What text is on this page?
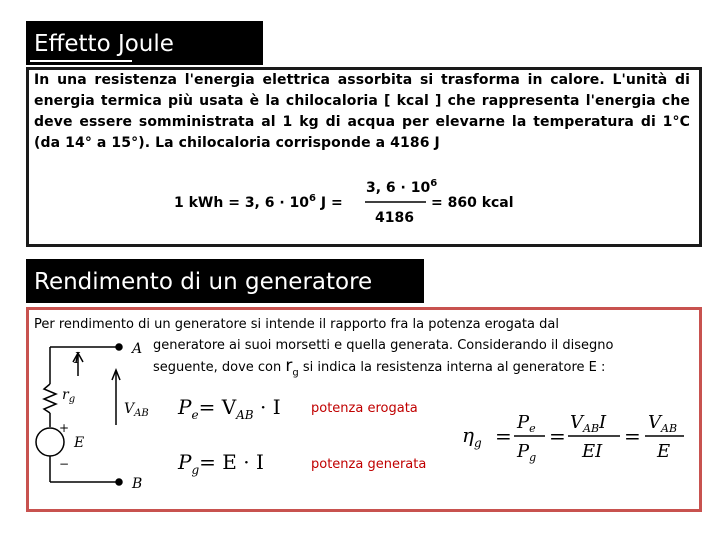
Effetto Joule
In una resistenza l'energia elettrica assorbita si trasforma in calore. L'unità di energia termica più usata è la chilocaloria [ kcal ] che rappresenta l'energia che deve essere somministrata al 1 kg di acqua per elevarne la temperatura di 1°C (da 14° a 15°). La chilocaloria corrisponde a 4186 J
1 kWh = 3, $6 \cdot 10^6$ J =
3, $6 \cdot 10^6$
4186
= 860 kcal
Rendimento di un generatore
Per rendimento di un generatore si intende il rapporto fra la potenza erogata dal
generatore ai suoi morsetti e quella generata. Considerando il disegno
seguente, dove con $r_g$ si indica la resistenza interna al generatore E :
A
I
$r_g$
$V_{AB}$
E
+
−
B
$P_e= V_{AB} \cdot I$
$P_g= E \cdot I$
$\eta_g$ =
$P_e$
$P_g$
=
$V_{AB}I$
EI
=
$V_{AB}$
E
potenza erogata
potenza generata
